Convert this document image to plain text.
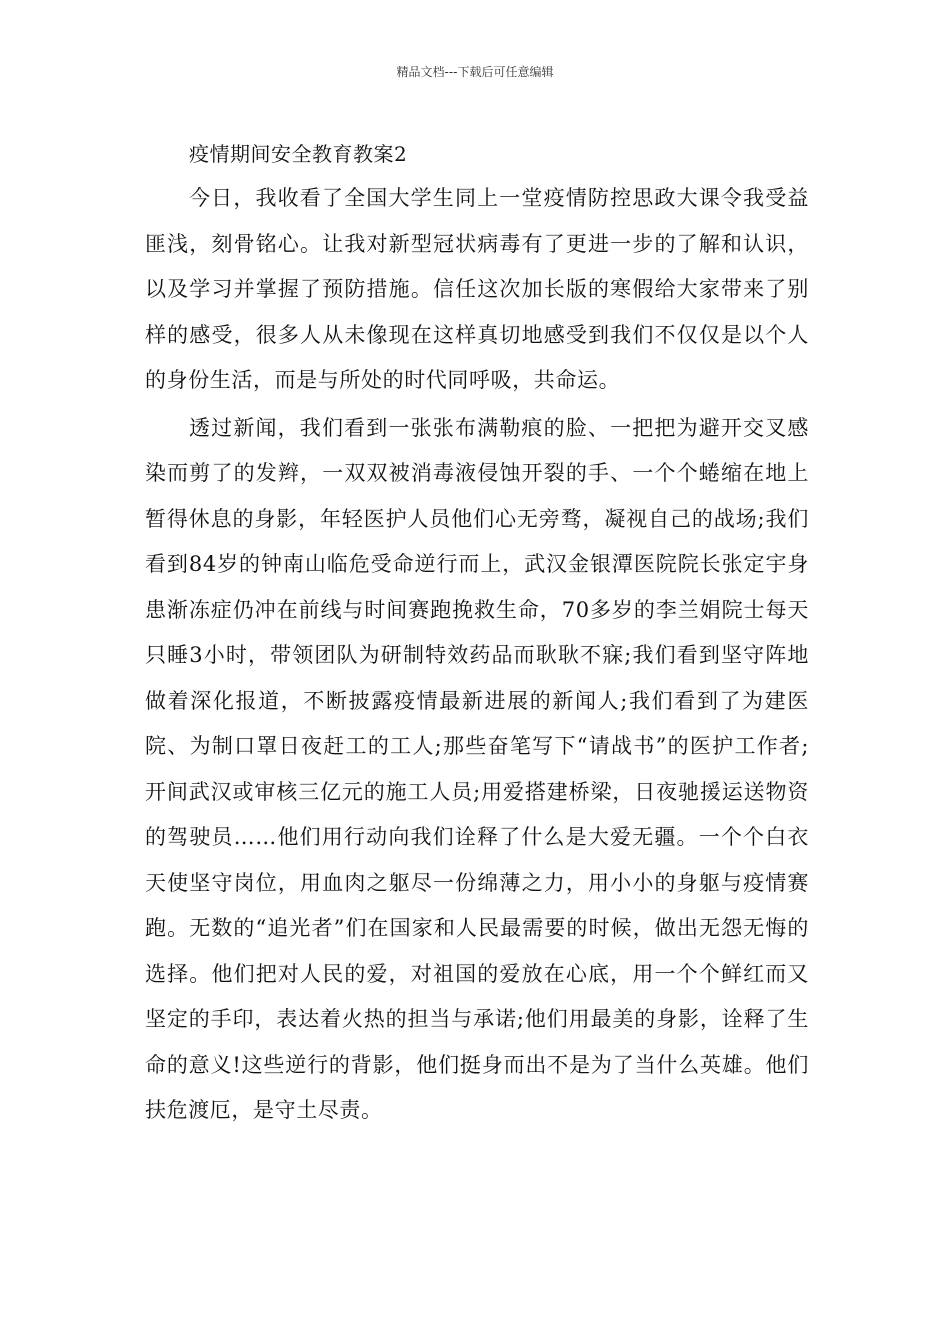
精品文档---下载后可任意编辑
疫情期间安全教育教案2

今日，我收看了全国大学生同上一堂疫情防控思政大课令我受益匪浅，刻骨铭心。让我对新型冠状病毒有了更进一步的了解和认识，以及学习并掌握了预防措施。信任这次加长版的寒假给大家带来了别样的感受，很多人从未像现在这样真切地感受到我们不仅仅是以个人的身份生活，而是与所处的时代同呼吸，共命运。

透过新闻，我们看到一张张布满勒痕的脸、一把把为避开交叉感染而剪了的发辫，一双双被消毒液侵蚀开裂的手、一个个蜷缩在地上暂得休息的身影，年轻医护人员他们心无旁骛，凝视自己的战场;我们看到84岁的钟南山临危受命逆行而上，武汉金银潭医院院长张定宇身患渐冻症仍冲在前线与时间赛跑挽救生命，70多岁的李兰娟院士每天只睡3小时，带领团队为研制特效药品而耿耿不寐;我们看到坚守阵地做着深化报道，不断披露疫情最新进展的新闻人;我们看到了为建医院、为制口罩日夜赶工的工人;那些奋笔写下“请战书”的医护工作者;开间武汉或审核三亿元的施工人员;用爱搭建桥梁，日夜驰援运送物资的驾驶员……他们用行动向我们诠释了什么是大爱无疆。一个个白衣天使坚守岗位，用血肉之躯尽一份绵薄之力，用小小的身躯与疫情赛跑。无数的“追光者”们在国家和人民最需要的时候，做出无怨无悔的选择。他们把对人民的爱，对祖国的爱放在心底，用一个个鲜红而又坚定的手印，表达着火热的担当与承诺;他们用最美的身影，诠释了生命的意义!这些逆行的背影，他们挺身而出不是为了当什么英雄。他们扶危渡厄，是守土尽责。
